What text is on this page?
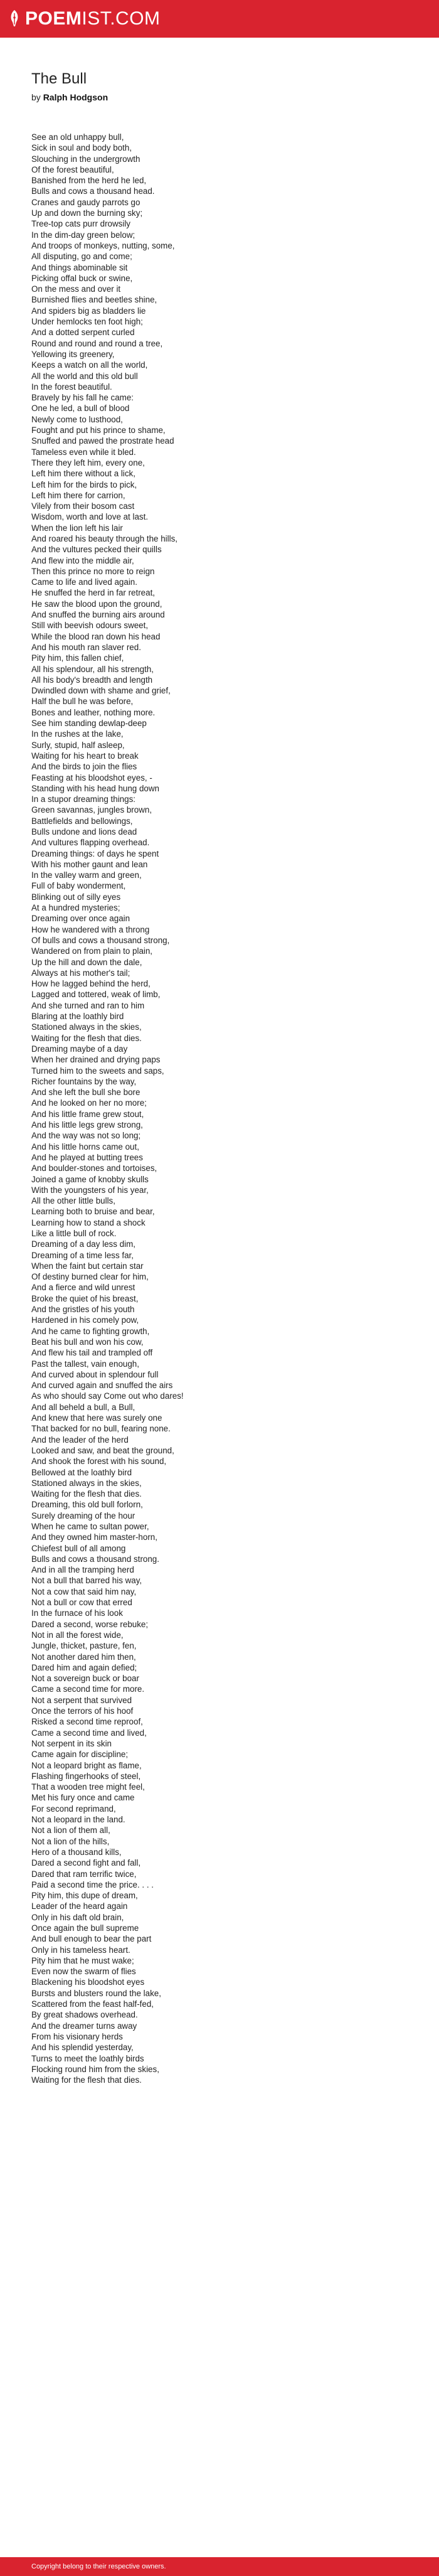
POEMIST.COM
The Bull
by Ralph Hodgson
See an old unhappy bull,
Sick in soul and body both,
Slouching in the undergrowth
Of the forest beautiful,
Banished from the herd he led,
Bulls and cows a thousand head.
Cranes and gaudy parrots go
Up and down the burning sky;
Tree-top cats purr drowsily
In the dim-day green below;
And troops of monkeys, nutting, some,
All disputing, go and come;
And things abominable sit
Picking offal buck or swine,
On the mess and over it
Burnished flies and beetles shine,
And spiders big as bladders lie
Under hemlocks ten foot high;
And a dotted serpent curled
Round and round and round a tree,
Yellowing its greenery,
Keeps a watch on all the world,
All the world and this old bull
In the forest beautiful.
Bravely by his fall he came:
One he led, a bull of blood
Newly come to lusthood,
Fought and put his prince to shame,
Snuffed and pawed the prostrate head
Tameless even while it bled.
There they left him, every one,
Left him there without a lick,
Left him for the birds to pick,
Left him there for carrion,
Vilely from their bosom cast
Wisdom, worth and love at last.
When the lion left his lair
And roared his beauty through the hills,
And the vultures pecked their quills
And flew into the middle air,
Then this prince no more to reign
Came to life and lived again.
He snuffed the herd in far retreat,
He saw the blood upon the ground,
And snuffed the burning airs around
Still with beevish odours sweet,
While the blood ran down his head
And his mouth ran slaver red.
Pity him, this fallen chief,
All his splendour, all his strength,
All his body's breadth and length
Dwindled down with shame and grief,
Half the bull he was before,
Bones and leather, nothing more.
See him standing dewlap-deep
In the rushes at the lake,
Surly, stupid, half asleep,
Waiting for his heart to break
And the birds to join the flies
Feasting at his bloodshot eyes, -
Standing with his head hung down
In a stupor dreaming things:
Green savannas, jungles brown,
Battlefields and bellowings,
Bulls undone and lions dead
And vultures flapping overhead.
Dreaming things: of days he spent
With his mother gaunt and lean
In the valley warm and green,
Full of baby wonderment,
Blinking out of silly eyes
At a hundred mysteries;
Dreaming over once again
How he wandered with a throng
Of bulls and cows a thousand strong,
Wandered on from plain to plain,
Up the hill and down the dale,
Always at his mother's tail;
How he lagged behind the herd,
Lagged and tottered, weak of limb,
And she turned and ran to him
Blaring at the loathly bird
Stationed always in the skies,
Waiting for the flesh that dies.
Dreaming maybe of a day
When her drained and drying paps
Turned him to the sweets and saps,
Richer fountains by the way,
And she left the bull she bore
And he looked on her no more;
And his little frame grew stout,
And his little legs grew strong,
And the way was not so long;
And his little horns came out,
And he played at butting trees
And boulder-stones and tortoises,
Joined a game of knobby skulls
With the youngsters of his year,
All the other little bulls,
Learning both to bruise and bear,
Learning how to stand a shock
Like a little bull of rock.
Dreaming of a day less dim,
Dreaming of a time less far,
When the faint but certain star
Of destiny burned clear for him,
And a fierce and wild unrest
Broke the quiet of his breast,
And the gristles of his youth
Hardened in his comely pow,
And he came to fighting growth,
Beat his bull and won his cow,
And flew his tail and trampled off
Past the tallest, vain enough,
And curved about in splendour full
And curved again and snuffed the airs
As who should say Come out who dares!
And all beheld a bull, a Bull,
And knew that here was surely one
That backed for no bull, fearing none.
And the leader of the herd
Looked and saw, and beat the ground,
And shook the forest with his sound,
Bellowed at the loathly bird
Stationed always in the skies,
Waiting for the flesh that dies.
Dreaming, this old bull forlorn,
Surely dreaming of the hour
When he came to sultan power,
And they owned him master-horn,
Chiefest bull of all among
Bulls and cows a thousand strong.
And in all the tramping herd
Not a bull that barred his way,
Not a cow that said him nay,
Not a bull or cow that erred
In the furnace of his look
Dared a second, worse rebuke;
Not in all the forest wide,
Jungle, thicket, pasture, fen,
Not another dared him then,
Dared him and again defied;
Not a sovereign buck or boar
Came a second time for more.
Not a serpent that survived
Once the terrors of his hoof
Risked a second time reproof,
Came a second time and lived,
Not serpent in its skin
Came again for discipline;
Not a leopard bright as flame,
Flashing fingerhooks of steel,
That a wooden tree might feel,
Met his fury once and came
For second reprimand,
Not a leopard in the land.
Not a lion of them all,
Not a lion of the hills,
Hero of a thousand kills,
Dared a second fight and fall,
Dared that ram terrific twice,
Paid a second time the price. . . .
Pity him, this dupe of dream,
Leader of the heard again
Only in his daft old brain,
Once again the bull supreme
And bull enough to bear the part
Only in his tameless heart.
Pity him that he must wake;
Even now the swarm of flies
Blackening his bloodshot eyes
Bursts and blusters round the lake,
Scattered from the feast half-fed,
By great shadows overhead.
And the dreamer turns away
From his visionary herds
And his splendid yesterday,
Turns to meet the loathly birds
Flocking round him from the skies,
Waiting for the flesh that dies.
Copyright belong to their respective owners.
